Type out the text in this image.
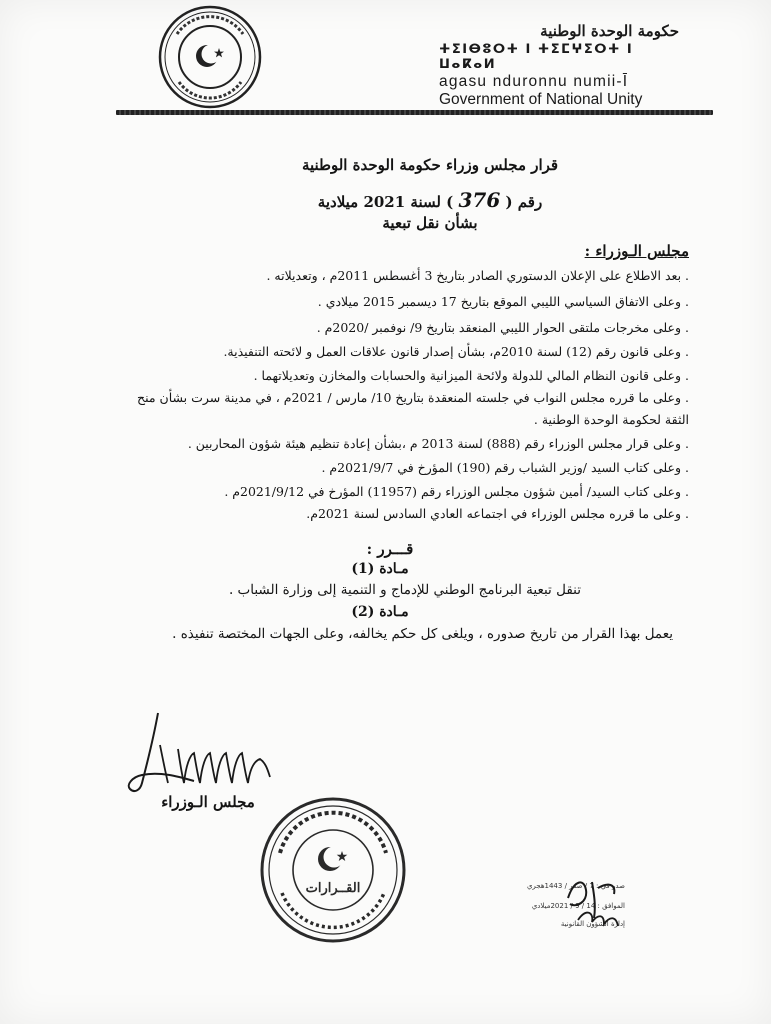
حكومة الوحدة الوطنية

ⵜⵉⵏⴱⵓⵔⵜ ⵏ ⵜⵉⵎⵖⵉⵔⵜ ⵏ ⵡⴰⴽⴰⵍ

agasu nduronnu numii-Ī

Government of National Unity

قرار مجلس وزراء حكومة الوحدة الوطنية
رقم ( 376 ) لسنة 2021 ميلادية
بشأن نقل تبعية
مجلس الـوزراء :

. بعد الاطلاع على الإعلان الدستوري الصادر بتاريخ 3 أغسطس 2011م ، وتعديلاته .

. وعلى الاتفاق السياسي الليبي الموقع بتاريخ 17 ديسمبر 2015 ميلادي .

. وعلى مخرجات ملتقى الحوار الليبي المنعقد بتاريخ 9/ نوفمبر /2020م .

. وعلى قانون رقم (12) لسنة 2010م، بشأن إصدار قانون علاقات العمل و لائحته التنفيذية.

. وعلى قانون النظام المالي للدولة ولائحة الميزانية والحسابات والمخازن وتعديلاتهما .

. وعلى ما قرره مجلس النواب في جلسته المنعقدة بتاريخ 10/ مارس / 2021م ، في مدينة سرت بشأن منح

الثقة لحكومة الوحدة الوطنية .

. وعلى قرار مجلس الوزراء رقم (888) لسنة 2013 م ،بشأن إعادة تنظيم هيئة شؤون المحاربين .

. وعلى كتاب السيد /وزير الشباب رقم (190) المؤرخ في 2021/9/7م .

. وعلى كتاب السيد/ أمين شؤون مجلس الوزراء رقم (11957) المؤرخ في 2021/9/12م .

. وعلى ما قرره مجلس الوزراء في اجتماعه العادي السادس لسنة 2021م.

قـــرر :
مـادة (1)
تنقل تبعية البرنامج الوطني للإدماج و التنمية إلى وزارة الشباب .
مـادة (2)
يعمل بهذا القرار من تاريخ صدوره ، ويلغى كل حكم يخالفه، وعلى الجهات المختصة تنفيذه .
مجلس الـوزراء
القــرارات	صدر في : 7 / صفر / 1443هجري
الموافق : 14 / 9 / 2021ميلادي
إدارة الشؤون القانونية
